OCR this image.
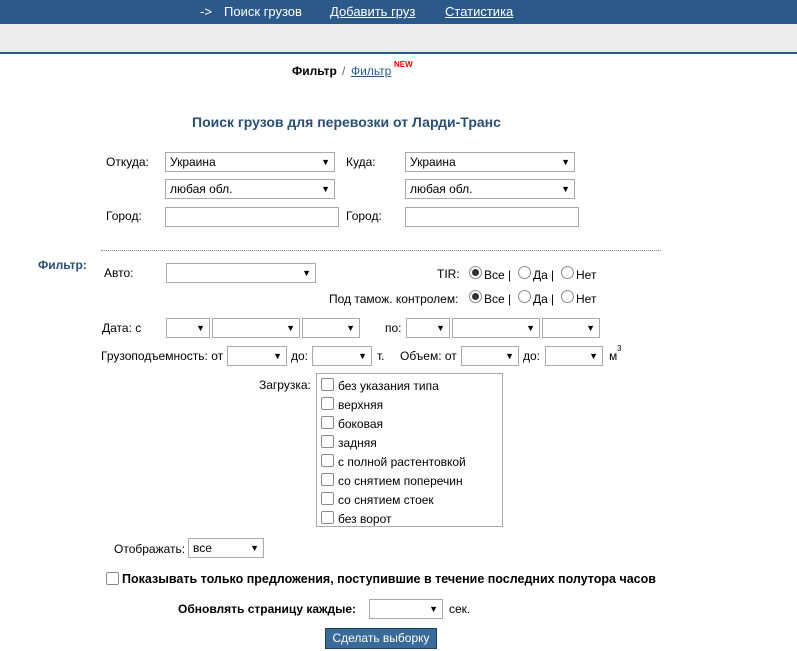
-> Поиск грузов Добавить груз Статистика
Фильтр / Фильтр NEW
Поиск грузов для перевозки от Ларди-Транс
Откуда:	Украина	▼ Куда:	Украина	▼
любая обл.	▼	любая обл.	▼
Город:	Город:
Фильтр:
Авто:	▼	TIR: Все | Да | Нет
Под тамож. контролем: Все | Да | Нет
Дата: с	▼	▼	▼	по:	▼	▼	▼
Грузоподъемность: от	▼ до:	▼ т. Объем: от	▼ до:	▼ м
3
Загрузка: без указания типа
верхняя
боковая
задняя
с полной растентовкой
со снятием поперечин
со снятием стоек
без ворот
Отображать: все	▼
Показывать только предложения, поступившие в течение последних полутора часов
Обновлять страницу каждые:	▼ сек.
Сделать выборку
